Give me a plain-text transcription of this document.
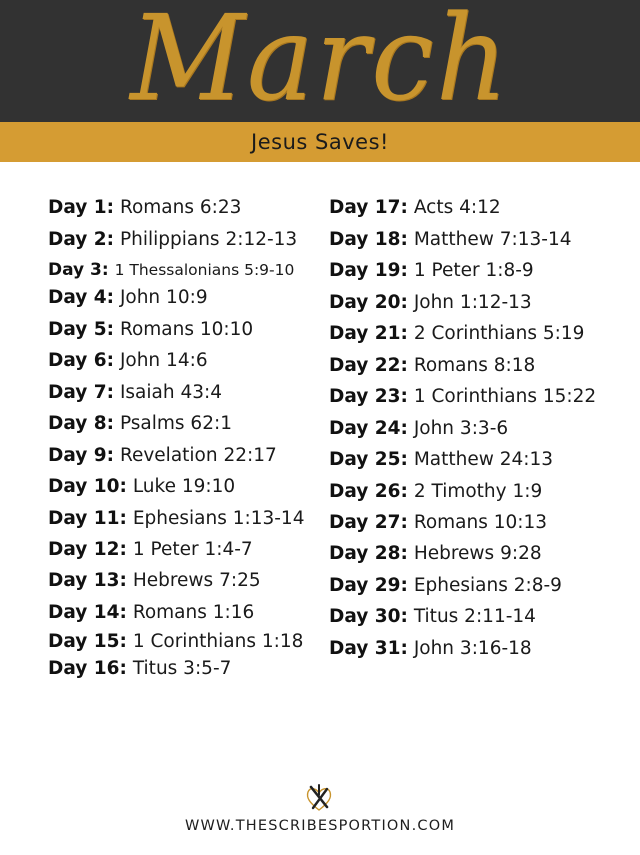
March
Jesus Saves!
Day 1: Romans 6:23
Day 2: Philippians 2:12-13
Day 3: 1 Thessalonians 5:9-10
Day 4: John 10:9
Day 5: Romans 10:10
Day 6: John 14:6
Day 7: Isaiah 43:4
Day 8: Psalms 62:1
Day 9: Revelation 22:17
Day 10: Luke 19:10
Day 11: Ephesians 1:13-14
Day 12: 1 Peter 1:4-7
Day 13: Hebrews 7:25
Day 14: Romans 1:16
Day 15: 1 Corinthians 1:18
Day 16: Titus 3:5-7
Day 17: Acts 4:12
Day 18: Matthew 7:13-14
Day 19: 1 Peter 1:8-9
Day 20: John 1:12-13
Day 21: 2 Corinthians 5:19
Day 22: Romans 8:18
Day 23: 1 Corinthians 15:22
Day 24: John 3:3-6
Day 25: Matthew 24:13
Day 26: 2 Timothy 1:9
Day 27: Romans 10:13
Day 28: Hebrews 9:28
Day 29: Ephesians 2:8-9
Day 30: Titus 2:11-14
Day 31: John 3:16-18
WWW.THESCRIBESPORTION.COM
